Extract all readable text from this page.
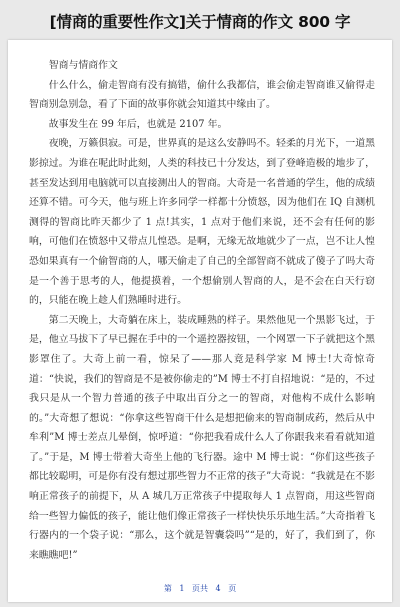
[情商的重要性作文]关于情商的作文 800 字

智商与情商作文

什么什么，偷走智商有没有搞错，偷什么我都信，谁会偷走智商谁又偷得走智商别急别急，看了下面的故事你就会知道其中缘由了。

故事发生在 99 年后，也就是 2107 年。

夜晚，万籁俱寂。可是，世界真的是这么安静吗不。轻柔的月光下，一道黑影掠过。为谁在呢此时此刻，人类的科技已十分发达，到了登峰造极的地步了，甚至发达到用电脑就可以直接测出人的智商。大奇是一名普通的学生，他的成绩还算不错。可今天，他与班上许多同学一样都十分愤怒，因为他们在 IQ 自测机测得的智商比昨天都少了 1 点!其实，1 点对于他们来说，还不会有任何的影响，可他们在愤怒中又带点儿惶恐。是啊，无缘无故地就少了一点，岂不让人惶恐如果真有一个偷智商的人，哪天偷走了自己的全部智商不就成了傻子了吗大奇是一个善于思考的人，他提摸着，一个想偷别人智商的人，是不会在白天行窃的，只能在晚上趁人们熟睡时进行。

第二天晚上，大奇躺在床上，装成睡熟的样子。果然他见一个黑影飞过，于是，他立马拔下了早已握在手中的一个遥控器按钮，一个网罩一下子就把这个黑影罩住了。大奇上前一看，惊呆了——那人竟是科学家 M 博士!大奇惊奇道：“快说，我们的智商是不是被你偷走的”M 博士不打自招地说：“是的，不过我只是从一个智力普通的孩子中取出百分之一的智商，对他构不成什么影响的。”大奇想了想说：“你拿这些智商干什么是想把偷来的智商制成药，然后从中牟利”M 博士差点儿晕倒，惊呼道：“你把我看成什么人了你跟我来看看就知道了。”于是，M 博士带着大奇坐上他的飞行器。途中 M 博士说：“你们这些孩子都比较聪明，可是你有没有想过那些智力不正常的孩子”大奇说：“我就是在不影响正常孩子的前提下，从 A 城几万正常孩子中提取每人 1 点智商，用这些智商给一些智力偏低的孩子，能让他们像正常孩子一样快快乐乐地生活。”大奇指着飞行器内的一个袋子说：“那么，这个就是智囊袋吗”“是的，好了，我们到了，你来瞧瞧吧!”

第 1 页共 4 页
